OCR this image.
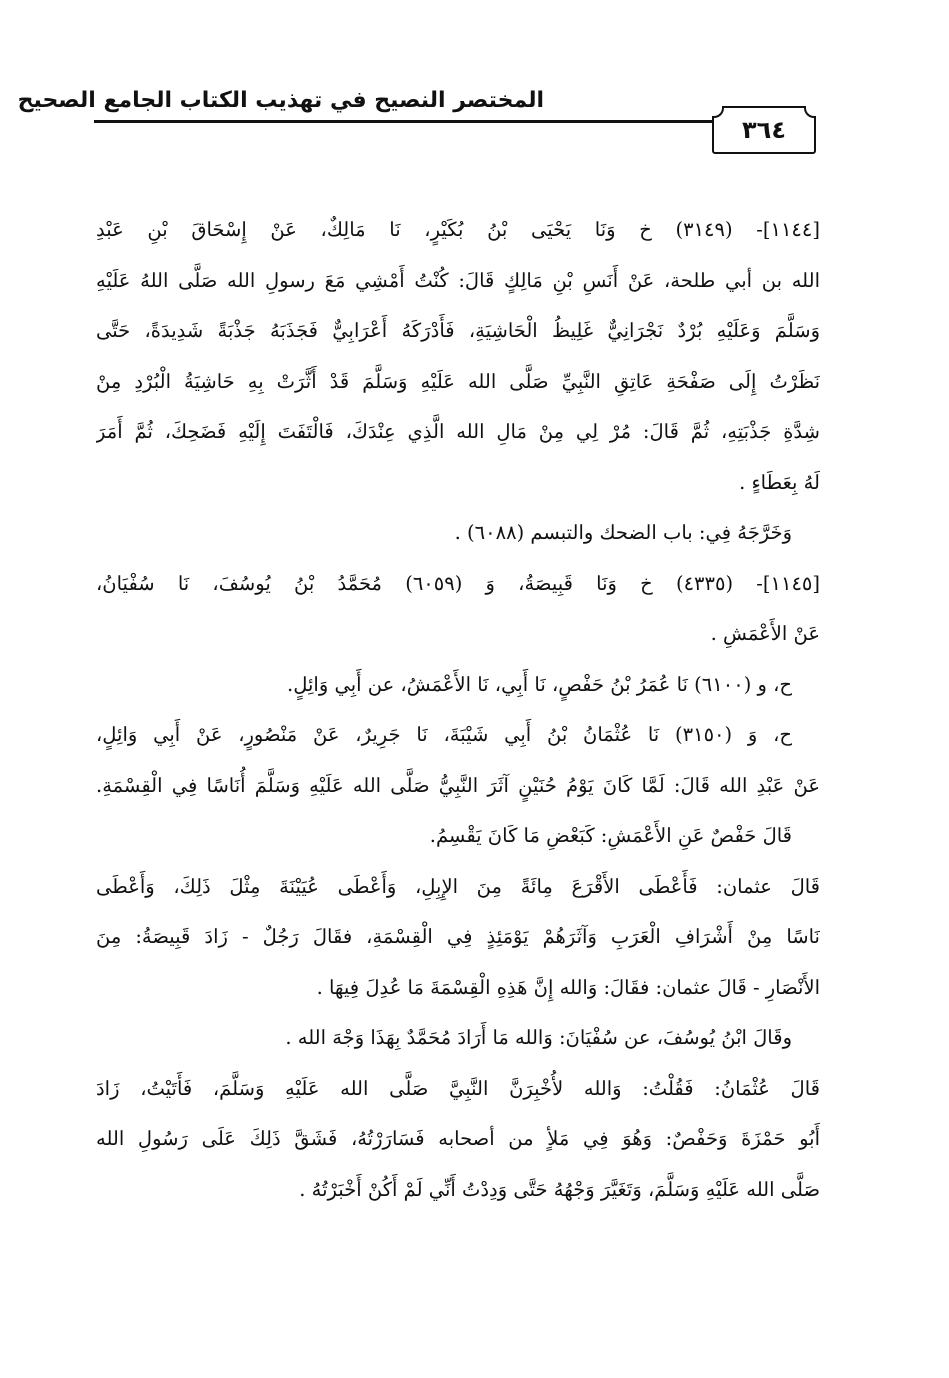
المختصر النصيح في تهذيب الكتاب الجامع الصحيح
٣٦٤
[١١٤٤]- (٣١٤٩) خ وَنَا يَحْيَى بْنُ بُكَيْرٍ، نَا مَالِكٌ، عَنْ إِسْحَاقَ بْنِ عَبْدِ
الله بن أبي طلحة، عَنْ أَنَسِ بْنِ مَالِكٍ قَالَ: كُنْتُ أَمْشِي مَعَ رسولِ الله صَلَّى اللهُ عَلَيْهِ
وَسَلَّمَ وَعَلَيْهِ بُرْدٌ نَجْرَانِيٌّ غَلِيظُ الْحَاشِيَةِ، فَأَدْرَكَهُ أَعْرَابِيٌّ فَجَذَبَهُ جَذْبَةً شَدِيدَةً، حَتَّى
نَظَرْتُ إِلَى صَفْحَةِ عَاتِقِ النَّبِيِّ صَلَّى الله عَلَيْهِ وَسَلَّمَ قَدْ أَثَّرَتْ بِهِ حَاشِيَةُ الْبُرْدِ مِنْ
شِدَّةِ جَذْبَتِهِ، ثُمَّ قَالَ: مُرْ لِي مِنْ مَالِ الله الَّذِي عِنْدَكَ، فَالْتَفَتَ إِلَيْهِ فَضَحِكَ، ثُمَّ أَمَرَ
لَهُ بِعَطَاءٍ .
وَخَرَّجَهُ فِي: باب الضحك والتبسم (٦٠٨٨) .
[١١٤٥]- (٤٣٣٥) خ وَنَا قَبِيصَةُ، وَ (٦٠٥٩) مُحَمَّدُ بْنُ يُوسُفَ، نَا سُفْيَانُ،
عَنْ الأَعْمَشِ .
ح، و (٦١٠٠) نَا عُمَرُ بْنُ حَفْصٍ، نَا أَبِي، نَا الأَعْمَشُ، عن أَبِي وَائِلٍ.
ح، وَ (٣١٥٠) نَا عُثْمَانُ بْنُ أَبِي شَيْبَةَ، نَا جَرِيرٌ، عَنْ مَنْصُورٍ، عَنْ أَبِي وَائِلٍ،
عَنْ عَبْدِ الله قَالَ: لَمَّا كَانَ يَوْمُ حُنَيْنٍ آثَرَ النَّبِيُّ صَلَّى الله عَلَيْهِ وَسَلَّمَ أُنَاسًا فِي الْقِسْمَةِ.
قَالَ حَفْصٌ عَنِ الأَعْمَشِ: كَبَعْضِ مَا كَانَ يَقْسِمُ.
قَالَ عثمان: فَأَعْطَى الأَقْرَعَ مِائَةً مِنَ الإِبِلِ، وَأَعْطَى عُيَيْنَةَ مِثْلَ ذَلِكَ، وَأَعْطَى
نَاسًا مِنْ أَشْرَافِ الْعَرَبِ وَآثَرَهُمْ يَوْمَئِذٍ فِي الْقِسْمَةِ، فقَالَ رَجُلٌ - زَادَ قَبِيصَةُ: مِنَ
الأَنْصَارِ - قَالَ عثمان: فقَالَ: وَالله إِنَّ هَذِهِ الْقِسْمَةَ مَا عُدِلَ فِيهَا .
وقَالَ ابْنُ يُوسُفَ، عن سُفْيَانَ: وَالله مَا أَرَادَ مُحَمَّدٌ بِهَذَا وَجْهَ الله .
قَالَ عُثْمَانُ: فَقُلْتُ: وَالله لأُخْبِرَنَّ النَّبِيَّ صَلَّى الله عَلَيْهِ وَسَلَّمَ، فَأَتَيْتُ، زَادَ
أَبُو حَمْزَةَ وَحَفْصٌ: وَهُوَ فِي مَلأٍ من أصحابه فَسَارَرْتُهُ، فَشَقَّ ذَلِكَ عَلَى رَسُولِ الله
صَلَّى الله عَلَيْهِ وَسَلَّمَ، وَتَغَيَّرَ وَجْهُهُ حَتَّى وَدِدْتُ أَنِّي لَمْ أَكُنْ أَخْبَرْتُهُ .
